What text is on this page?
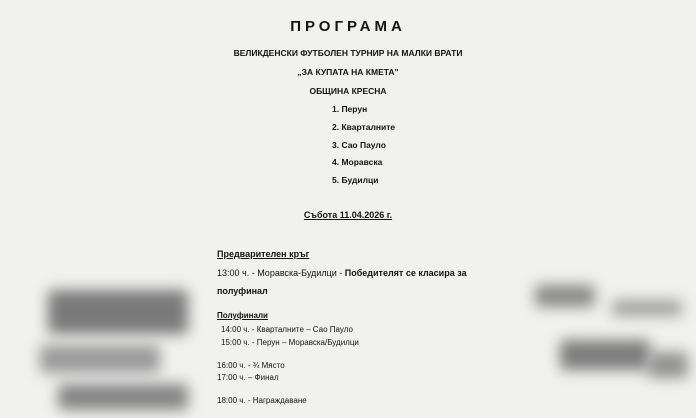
ПРОГРАМА
ВЕЛИКДЕНСКИ ФУТБОЛЕН ТУРНИР НА МАЛКИ ВРАТИ
„ЗА КУПАТА НА КМЕТА"
ОБЩИНА КРЕСНА
1. Перун
2. Кварталните
3. Сао Пауло
4. Моравска
5. Будилци
Събота 11.04.2026 г.
Предварителен кръг
13:00 ч. - Моравска-Будилци - Победителят се класира за
полуфинал
Полуфинали
14:00 ч. - Кварталните – Сао Пауло
15:00 ч. - Перун – Моравска/Будилци
16:00 ч. - ¾ Място
17:00 ч. – Финал
18:00 ч. - Награждаване
